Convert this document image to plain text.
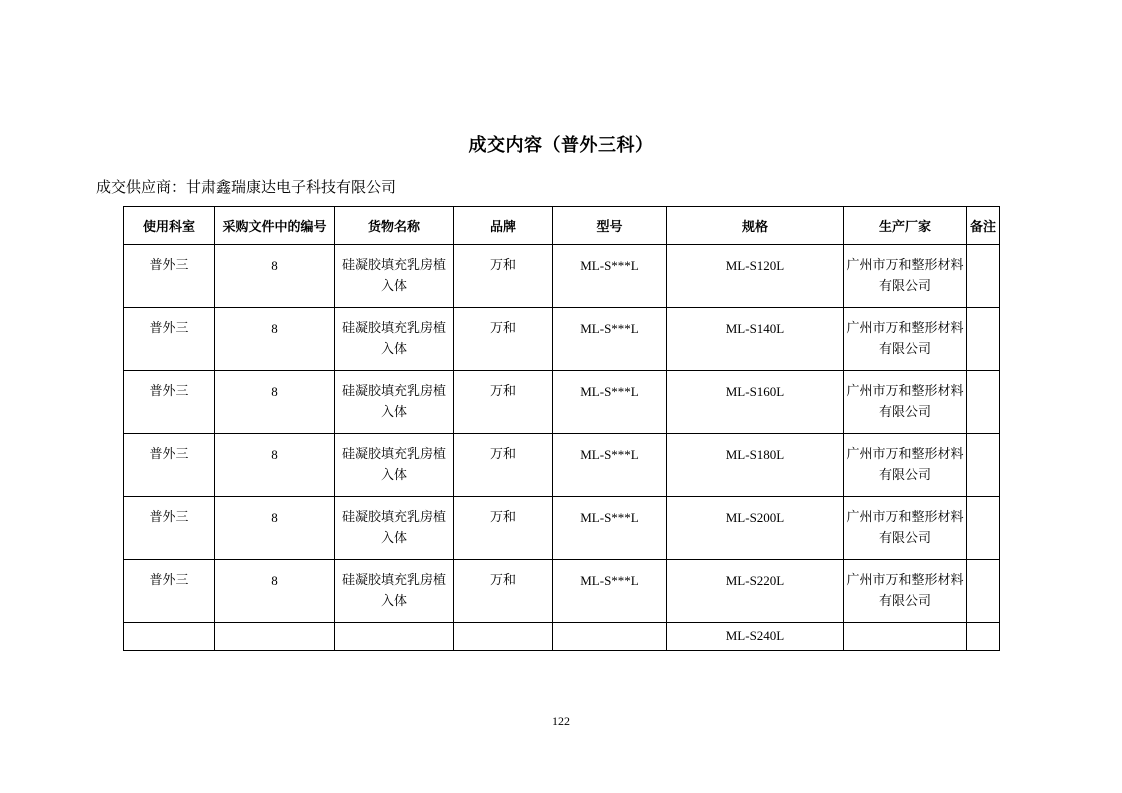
成交内容（普外三科）
成交供应商：甘肃鑫瑞康达电子科技有限公司
使用科室	采购文件中的编号	货物名称	品牌	型号	规格	生产厂家	备注
普外三	8	硅凝胶填充乳房植入体	万和	ML-S***L	ML-S120L	广州市万和整形材料有限公司	
普外三	8	硅凝胶填充乳房植入体	万和	ML-S***L	ML-S140L	广州市万和整形材料有限公司	
普外三	8	硅凝胶填充乳房植入体	万和	ML-S***L	ML-S160L	广州市万和整形材料有限公司	
普外三	8	硅凝胶填充乳房植入体	万和	ML-S***L	ML-S180L	广州市万和整形材料有限公司	
普外三	8	硅凝胶填充乳房植入体	万和	ML-S***L	ML-S200L	广州市万和整形材料有限公司	
普外三	8	硅凝胶填充乳房植入体	万和	ML-S***L	ML-S220L	广州市万和整形材料有限公司	
					ML-S240L		
122
